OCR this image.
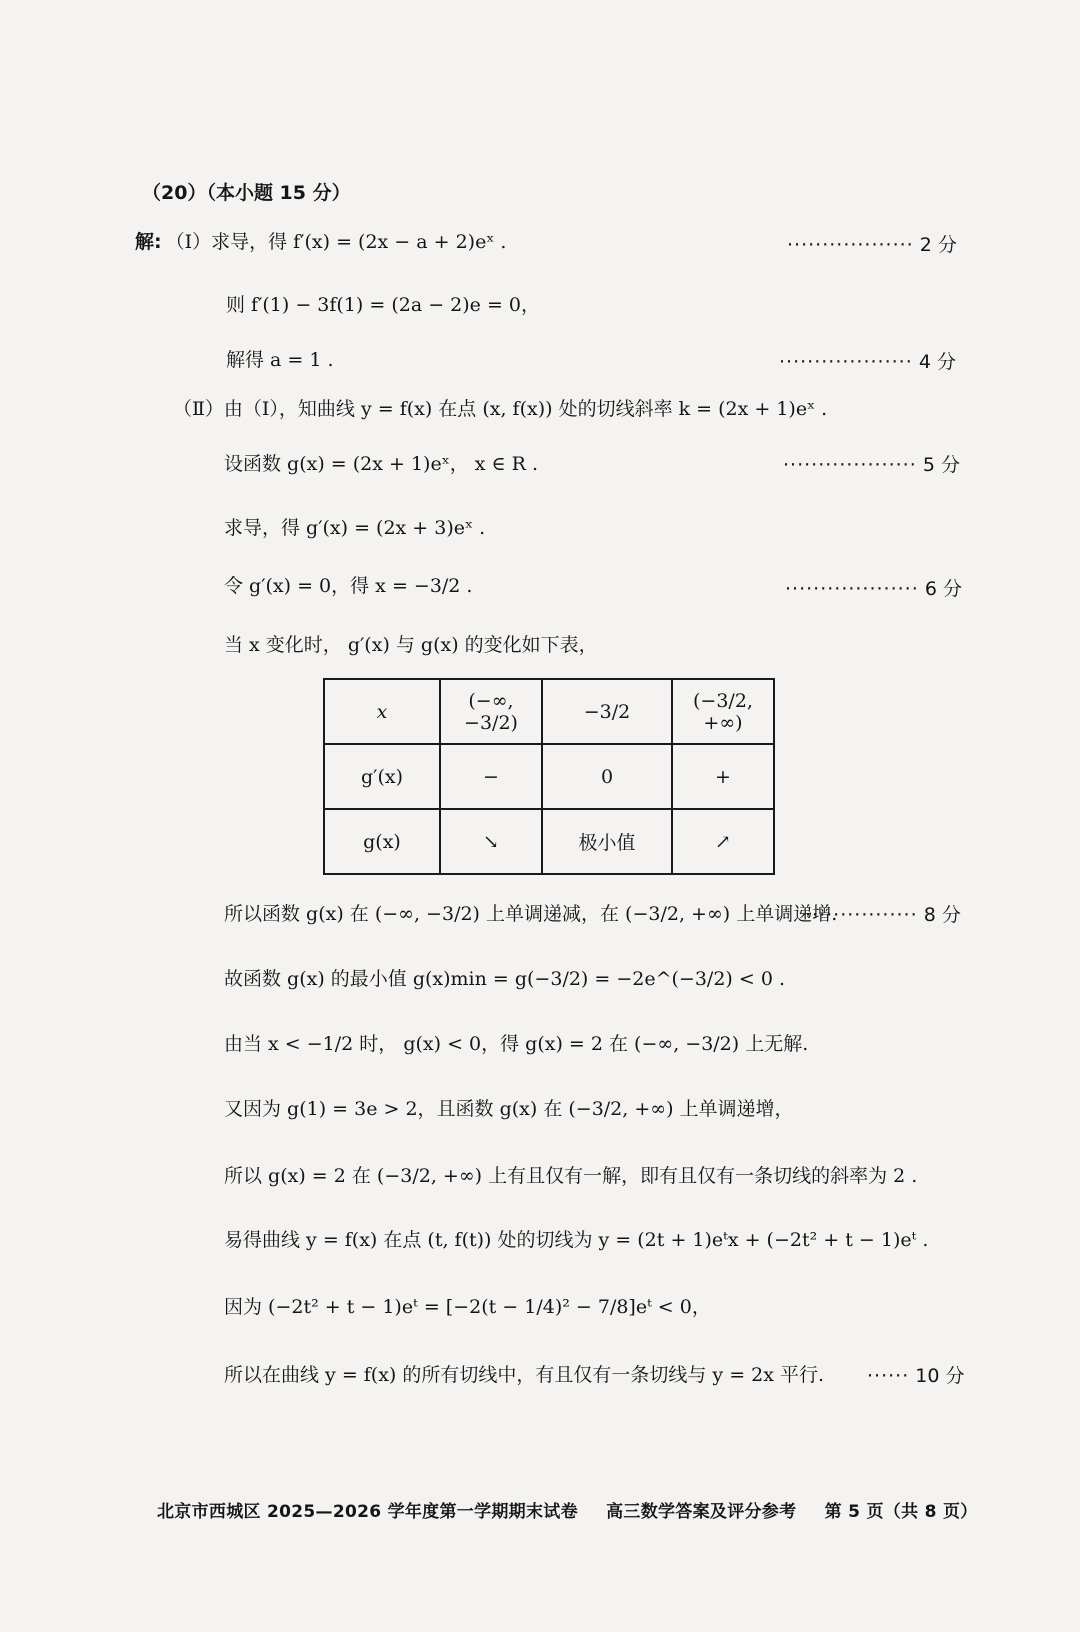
（20）（本小题 15 分）
解: （Ⅰ）求导，得 f′(x) = (2x − a + 2)eˣ .	·················· 2 分
则 f′(1) − 3f(1) = (2a − 2)e = 0，
解得 a = 1 .	··················· 4 分
（Ⅱ）由（Ⅰ），知曲线 y = f(x) 在点 (x, f(x)) 处的切线斜率 k = (2x + 1)eˣ .
设函数 g(x) = (2x + 1)eˣ， x ∈ R .	··················· 5 分
求导，得 g′(x) = (2x + 3)eˣ .
令 g′(x) = 0，得 x = −3/2 .	··················· 6 分
当 x 变化时， g′(x) 与 g(x) 的变化如下表，
x	(−∞, −3/2)	−3/2	(−3/2, +∞)
g′(x)	−	0	+
g(x)	↘	极小值	↗
所以函数 g(x) 在 (−∞, −3/2) 上单调递减，在 (−3/2, +∞) 上单调递增.
················ 8 分
故函数 g(x) 的最小值 g(x)min = g(−3/2) = −2e^(−3/2) < 0 .
由当 x < −1/2 时， g(x) < 0，得 g(x) = 2 在 (−∞, −3/2) 上无解.
又因为 g(1) = 3e > 2，且函数 g(x) 在 (−3/2, +∞) 上单调递增，
所以 g(x) = 2 在 (−3/2, +∞) 上有且仅有一解，即有且仅有一条切线的斜率为 2 .
易得曲线 y = f(x) 在点 (t, f(t)) 处的切线为 y = (2t + 1)eᵗx + (−2t² + t − 1)eᵗ .
因为 (−2t² + t − 1)eᵗ = [−2(t − 1/4)² − 7/8]eᵗ < 0，
所以在曲线 y = f(x) 的所有切线中，有且仅有一条切线与 y = 2x 平行. ······ 10 分
北京市西城区 2025—2026 学年度第一学期期末试卷 高三数学答案及评分参考 第 5 页（共 8 页）
